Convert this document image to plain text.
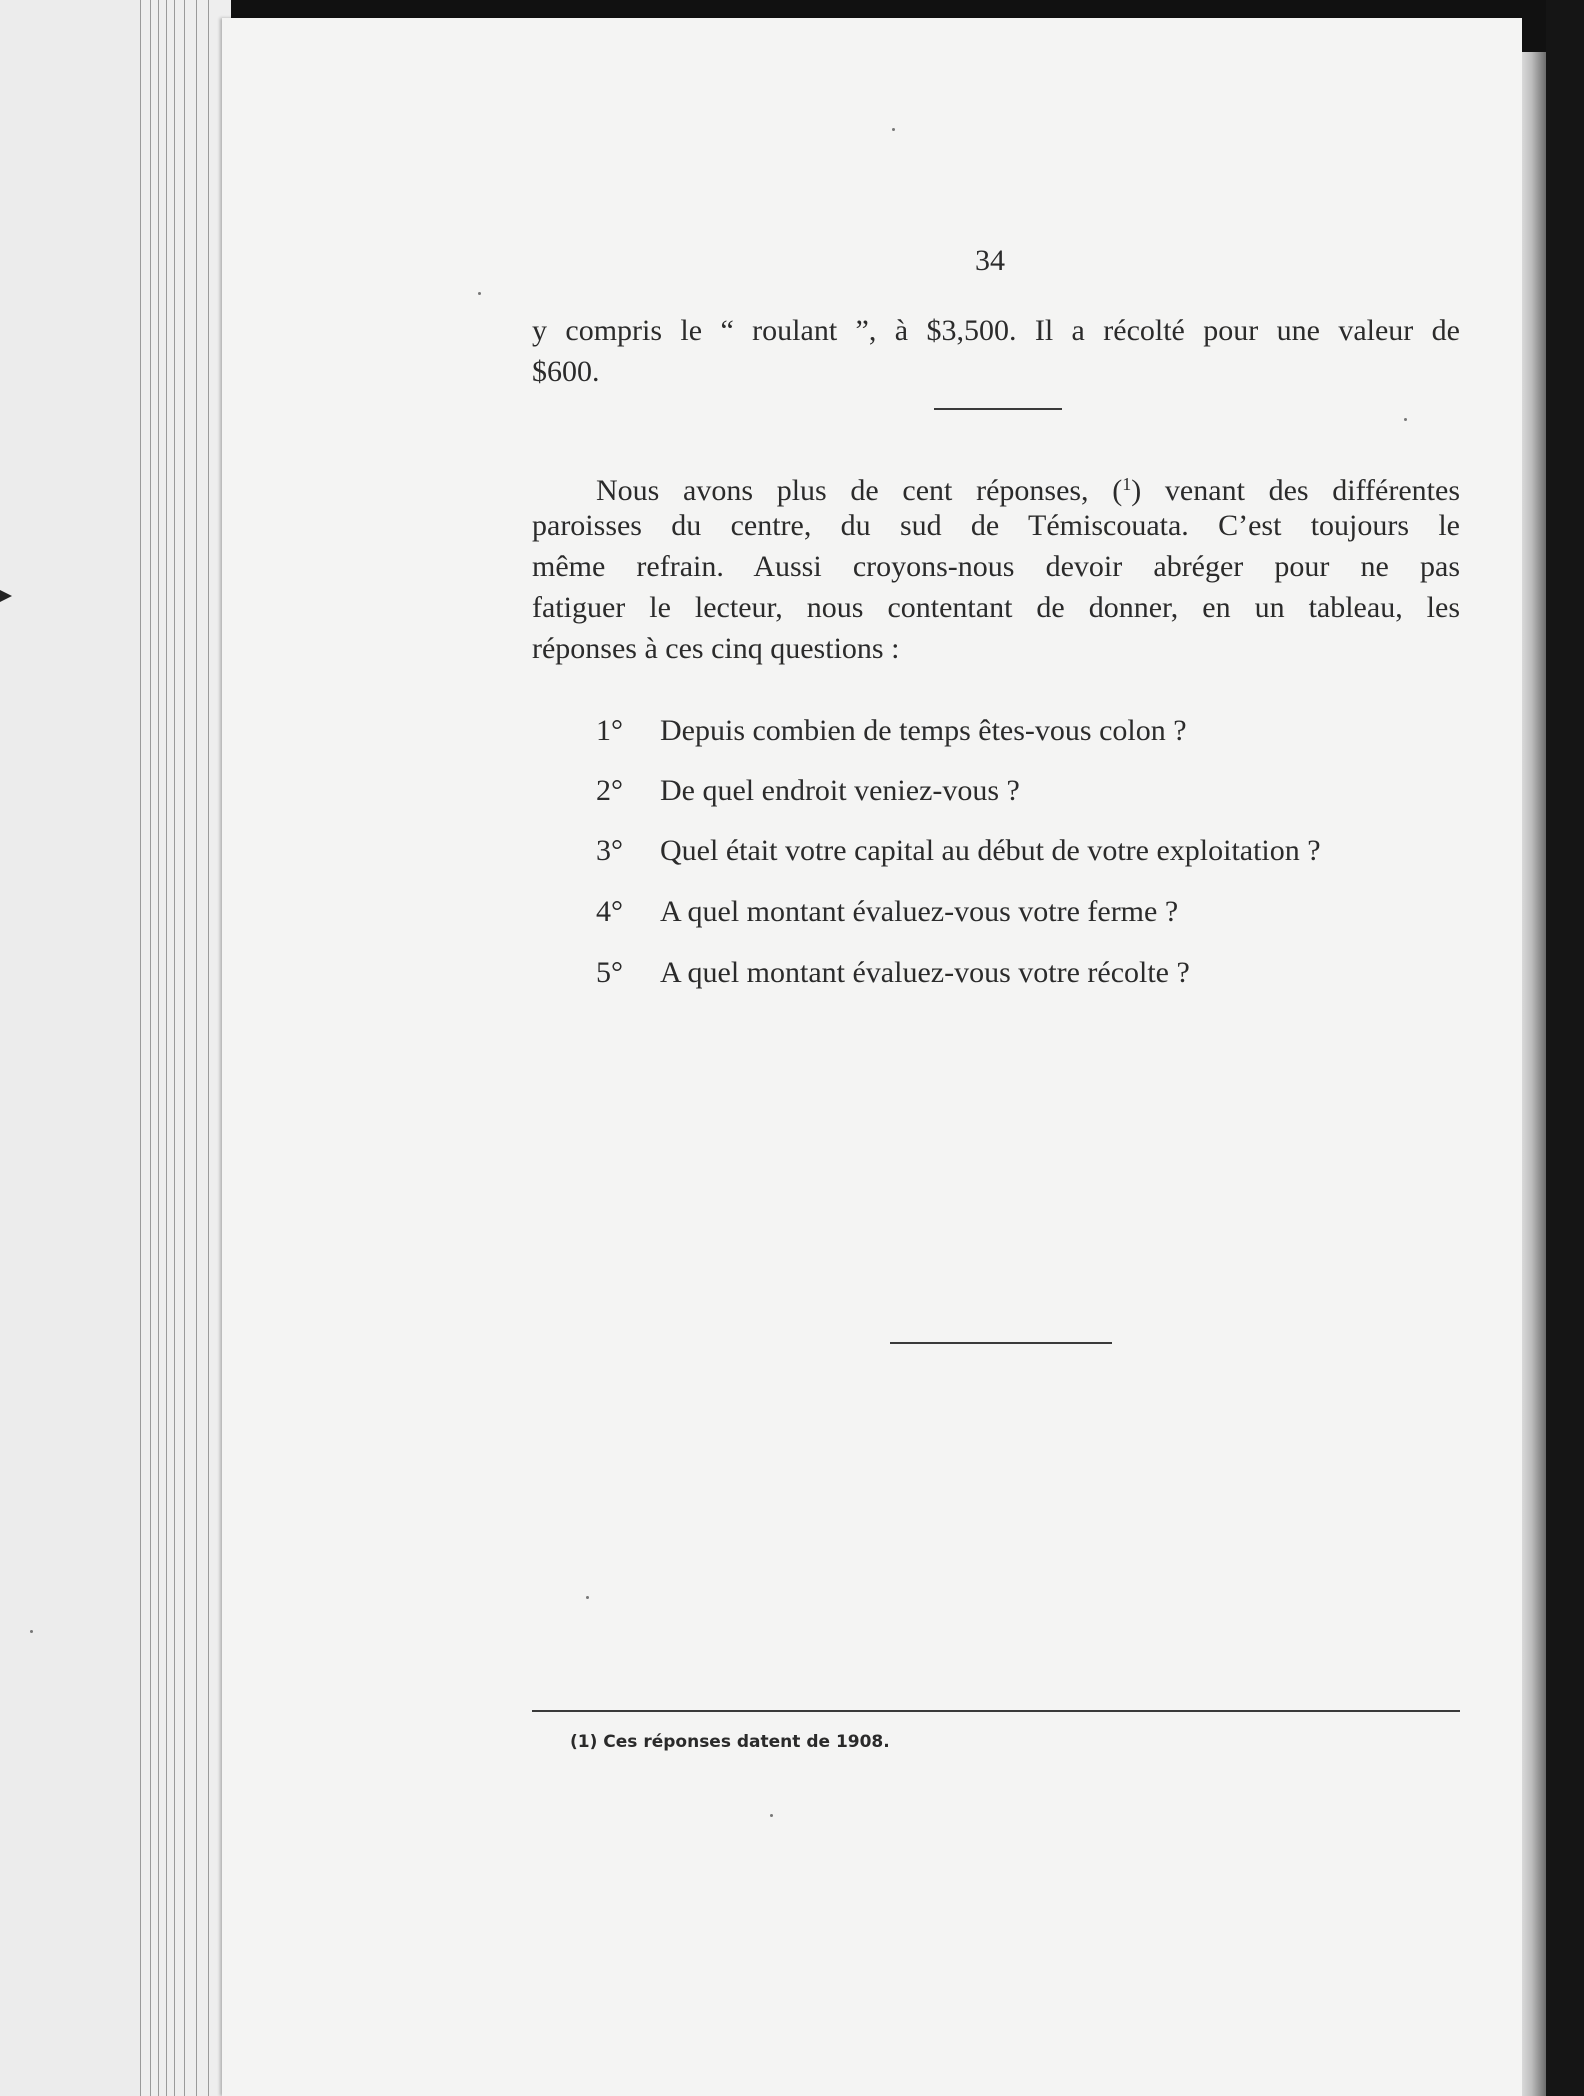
34
y compris le “ roulant ”, à $3,500. Il a récolté pour une valeur de
$600.
Nous avons plus de cent réponses, ($^1$) venant des différentes
paroisses du centre, du sud de Témiscouata. C’est toujours le
même refrain. Aussi croyons-nous devoir abréger pour ne pas
fatiguer le lecteur, nous contentant de donner, en un tableau, les
réponses à ces cinq questions :
1°	Depuis combien de temps êtes-vous colon ?
2°	De quel endroit veniez-vous ?
3°	Quel était votre capital au début de votre exploitation ?
4°	A quel montant évaluez-vous votre ferme ?
5°	A quel montant évaluez-vous votre récolte ?
(1) Ces réponses datent de 1908.
